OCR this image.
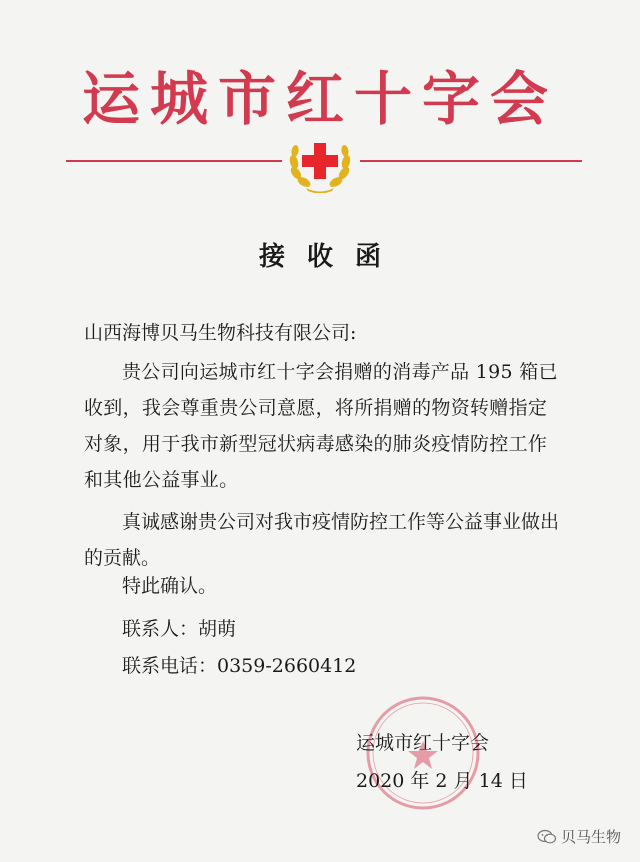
运城市红十字会
接收函
山西海博贝马生物科技有限公司:
贵公司向运城市红十字会捐赠的消毒产品 195 箱已收到，我会尊重贵公司意愿，将所捐赠的物资转赠指定对象，用于我市新型冠状病毒感染的肺炎疫情防控工作和其他公益事业。
真诚感谢贵公司对我市疫情防控工作等公益事业做出的贡献。
特此确认。
联系人：胡萌
联系电话：0359-2660412
运城市红十字会
2020 年 2 月 14 日
贝马生物
